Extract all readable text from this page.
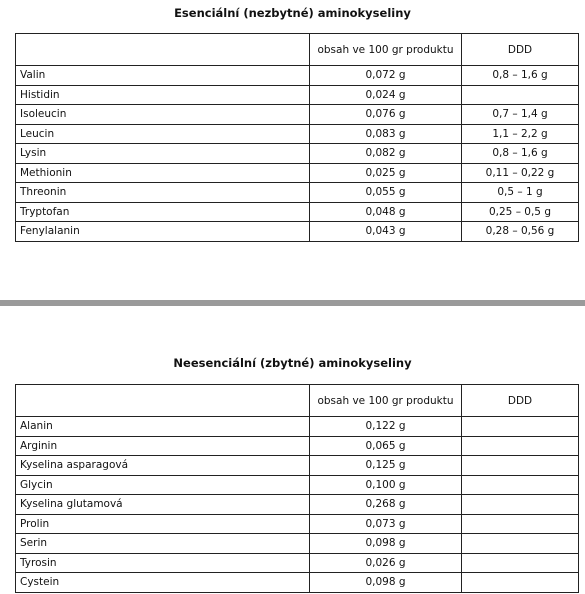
Esenciální (nezbytné) aminokyseliny
	obsah ve 100 gr produktu	DDD
Valin	0,072 g	0,8 – 1,6 g
Histidin	0,024 g	
Isoleucin	0,076 g	0,7 – 1,4 g
Leucin	0,083 g	1,1 – 2,2 g
Lysin	0,082 g	0,8 – 1,6 g
Methionin	0,025 g	0,11 – 0,22 g
Threonin	0,055 g	0,5 – 1 g
Tryptofan	0,048 g	0,25 – 0,5 g
Fenylalanin	0,043 g	0,28 – 0,56 g
Neesenciální (zbytné) aminokyseliny
	obsah ve 100 gr produktu	DDD
Alanin	0,122 g	
Arginin	0,065 g	
Kyselina asparagová	0,125 g	
Glycin	0,100 g	
Kyselina glutamová	0,268 g	
Prolin	0,073 g	
Serin	0,098 g	
Tyrosin	0,026 g	
Cystein	0,098 g	
